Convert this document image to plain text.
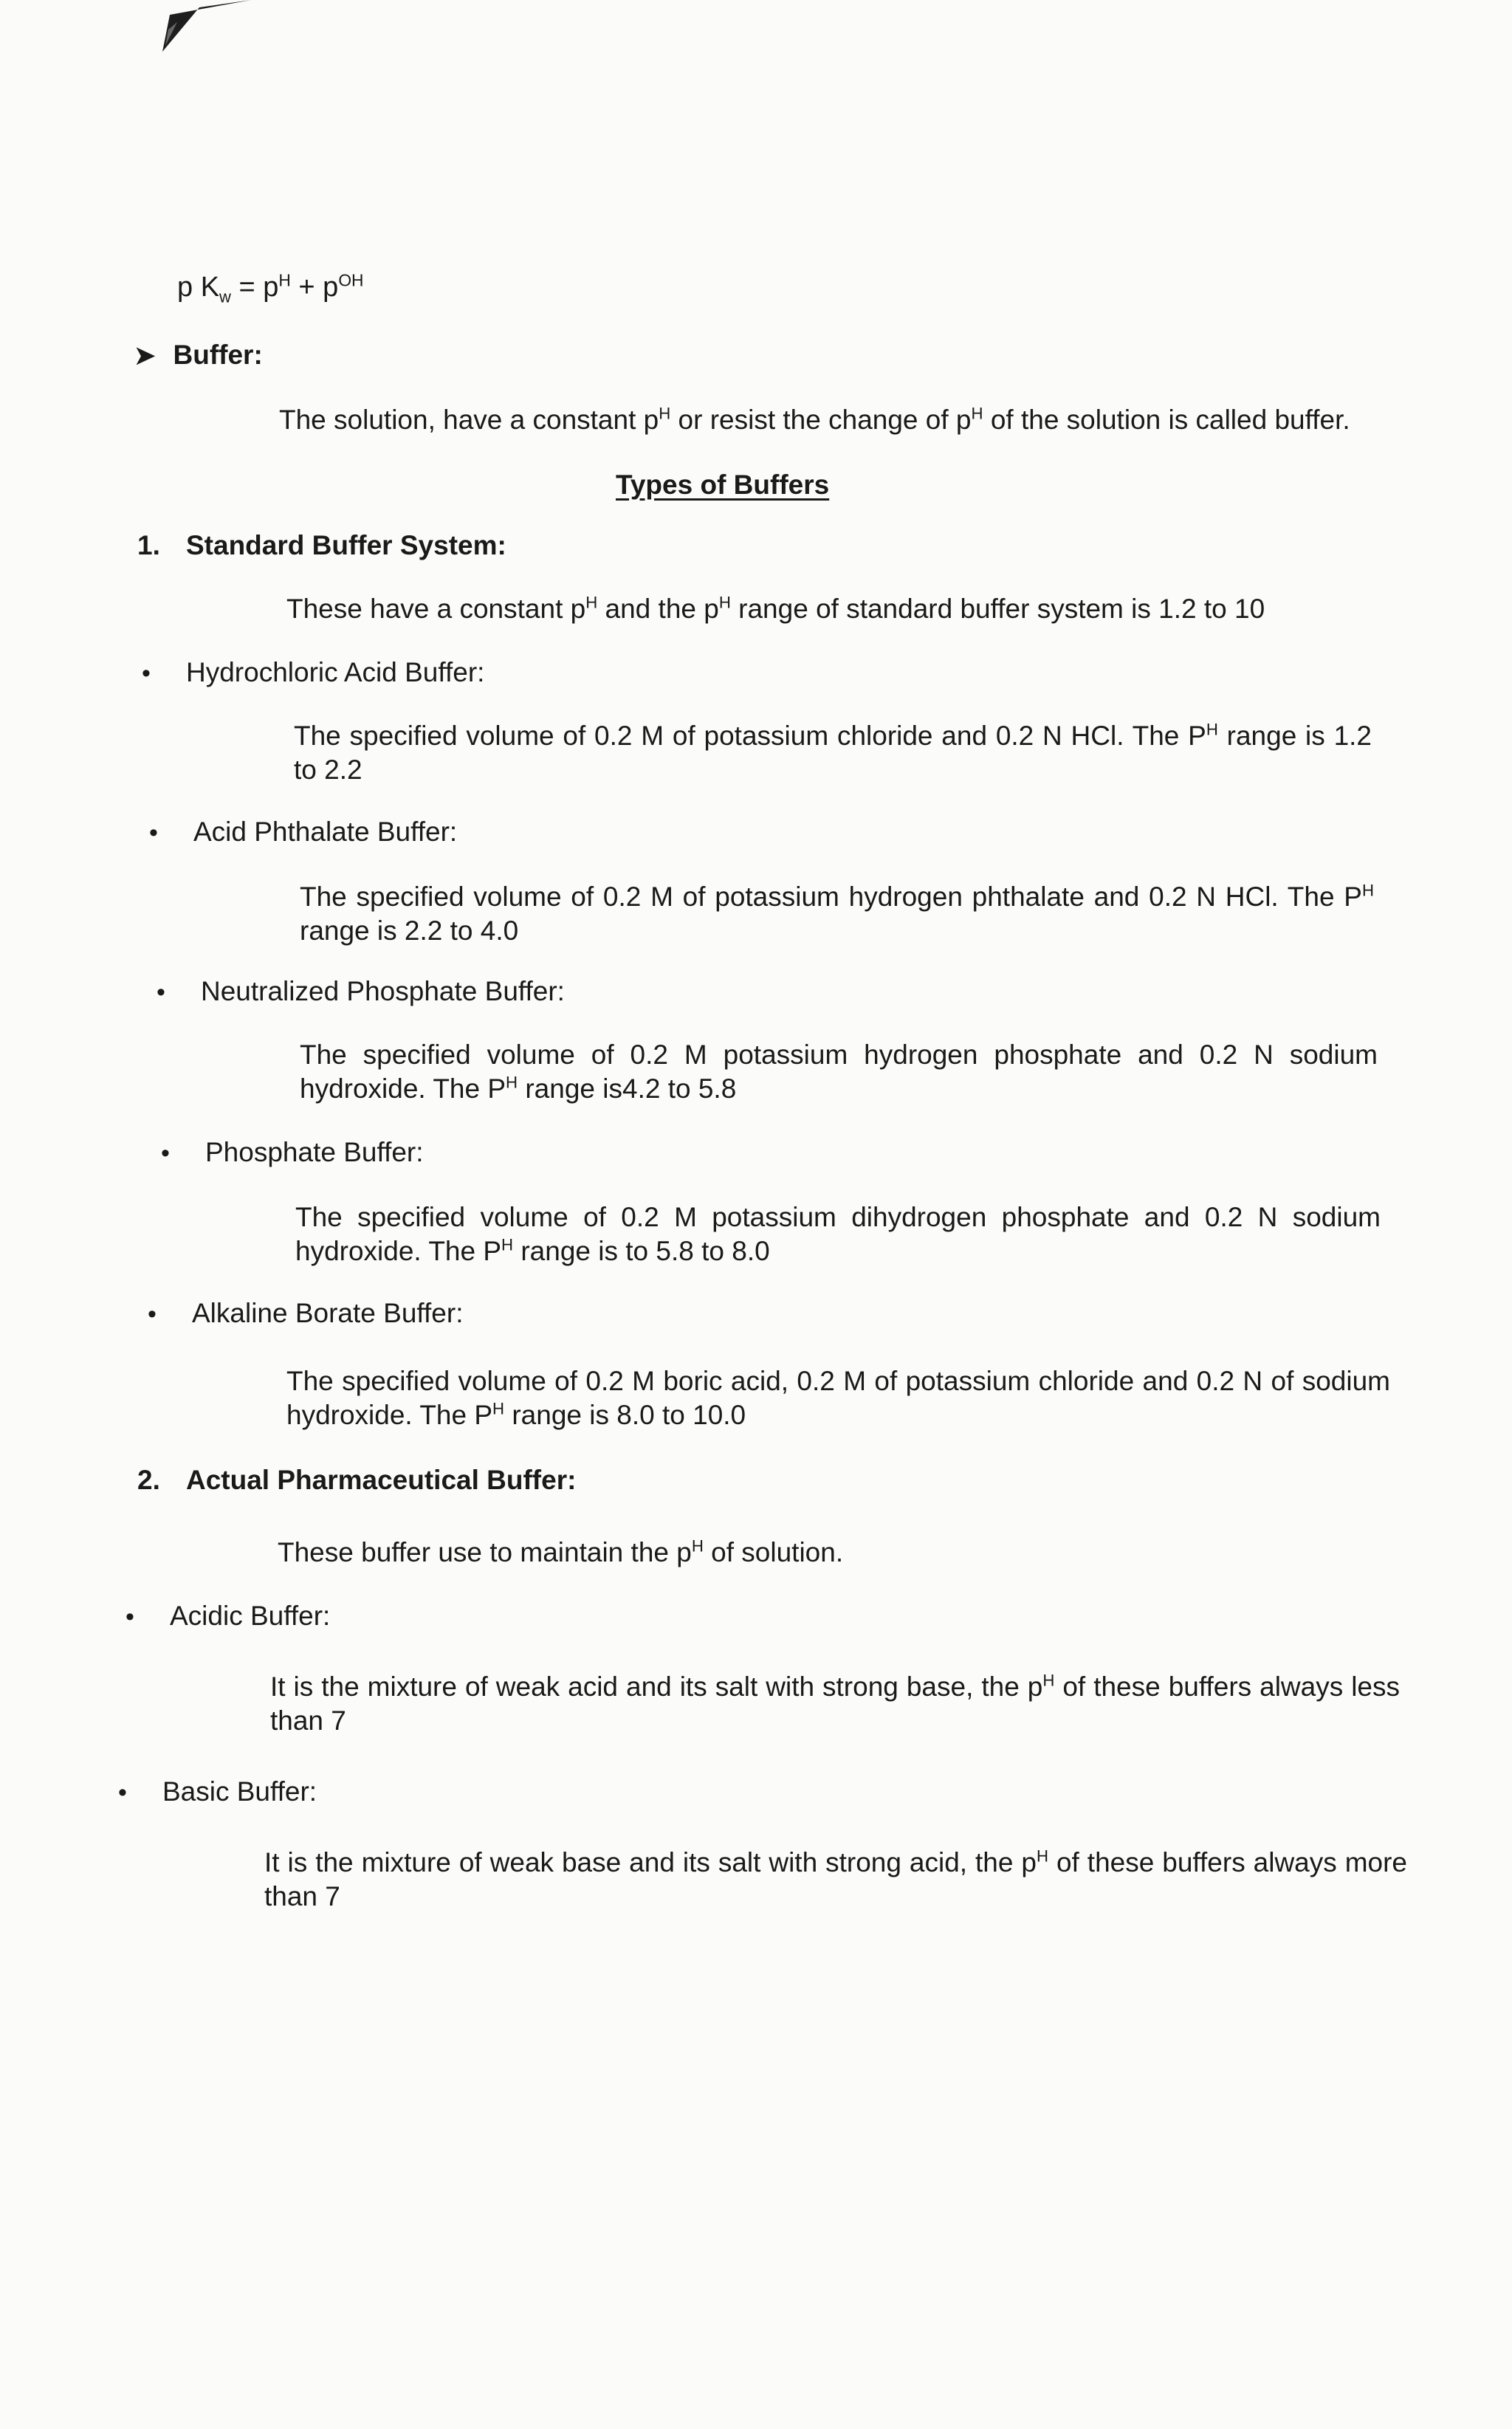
p $K_w = p^H + p^{OH}$
➤ Buffer:
The solution, have a constant $p^H$ or resist the change of $p^H$ of the solution is called buffer.
Types of Buffers
1. Standard Buffer System:
These have a constant $p^H$ and the $p^H$ range of standard buffer system is 1.2 to 10
• Hydrochloric Acid Buffer:
The specified volume of 0.2 M of potassium chloride and 0.2 N HCl. The $P^H$ range is 1.2 to 2.2
• Acid Phthalate Buffer:
The specified volume of 0.2 M of potassium hydrogen phthalate and 0.2 N HCl. The $P^H$ range is 2.2 to 4.0
• Neutralized Phosphate Buffer:
The specified volume of 0.2 M potassium hydrogen phosphate and 0.2 N sodium hydroxide. The $P^H$ range is4.2 to 5.8
• Phosphate Buffer:
The specified volume of 0.2 M potassium dihydrogen phosphate and 0.2 N sodium hydroxide. The $P^H$ range is to 5.8 to 8.0
• Alkaline Borate Buffer:
The specified volume of 0.2 M boric acid, 0.2 M of potassium chloride and 0.2 N of sodium hydroxide. The $P^H$ range is 8.0 to 10.0
2. Actual Pharmaceutical Buffer:
These buffer use to maintain the $p^H$ of solution.
• Acidic Buffer:
It is the mixture of weak acid and its salt with strong base, the $p^H$ of these buffers always less than 7
• Basic Buffer:
It is the mixture of weak base and its salt with strong acid, the $p^H$ of these buffers always more than 7
